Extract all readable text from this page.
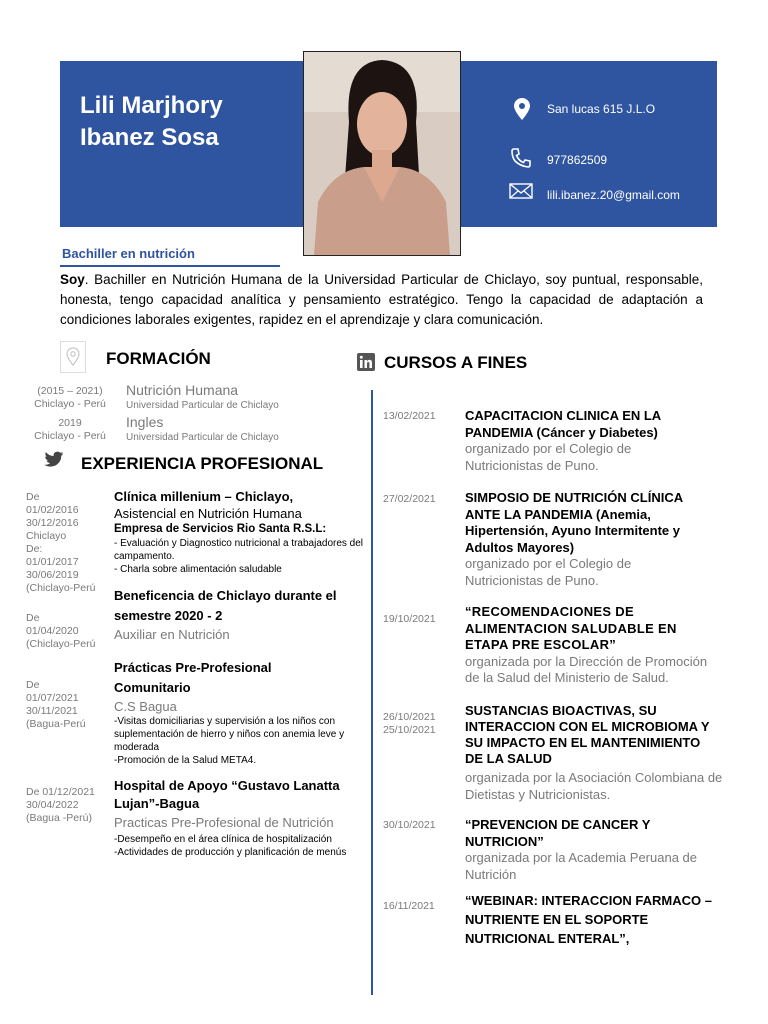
Lili Marjhory
Ibanez Sosa
San lucas 615 J.L.O
977862509
lili.ibanez.20@gmail.com
Bachiller en nutrición
Soy. Bachiller en Nutrición Humana de la Universidad Particular de Chiclayo, soy puntual, responsable, honesta, tengo capacidad analítica y pensamiento estratégico. Tengo la capacidad de adaptación a condiciones laborales exigentes, rapidez en el aprendizaje y clara comunicación.
FORMACIÓN
(2015 – 2021)
Chiclayo - Perú
Nutrición Humana
Universidad Particular de Chiclayo
2019
Chiclayo - Perú
Ingles
Universidad Particular de Chiclayo
EXPERIENCIA PROFESIONAL
De
01/02/2016
30/12/2016
Chiclayo
De:
01/01/2017
30/06/2019
(Chiclayo-Perú
Clínica millenium – Chiclayo,
Asistencial en Nutrición Humana
Empresa de Servicios Rio Santa R.S.L:
- Evaluación y Diagnostico nutricional a trabajadores del campamento.
- Charla sobre alimentación saludable
De
01/04/2020
(Chiclayo-Perú
Beneficencia de Chiclayo durante el semestre 2020 - 2
Auxiliar en Nutrición
De
01/07/2021
30/11/2021
(Bagua-Perú
Prácticas Pre-Profesional Comunitario
C.S Bagua
-Visitas domiciliarias y supervisión a los niños con suplementación de hierro y niños con anemia leve y moderada
-Promoción de la Salud META4.
De 01/12/2021
30/04/2022
(Bagua -Perú)
Hospital de Apoyo “Gustavo Lanatta Lujan”-Bagua
Practicas Pre-Profesional de Nutrición
-Desempeño en el área clínica de hospitalización
-Actividades de producción y planificación de menús
CURSOS A FINES
13/02/2021 CAPACITACION CLINICA EN LA PANDEMIA (Cáncer y Diabetes)
organizado por el Colegio de Nutricionistas de Puno.
27/02/2021 SIMPOSIO DE NUTRICIÓN CLÍNICA ANTE LA PANDEMIA (Anemia, Hipertensión, Ayuno Intermitente y Adultos Mayores)
organizado por el Colegio de Nutricionistas de Puno.
19/10/2021 “RECOMENDACIONES DE ALIMENTACION SALUDABLE EN ETAPA PRE ESCOLAR”
organizada por la Dirección de Promoción de la Salud del Ministerio de Salud.
26/10/2021
25/10/2021
SUSTANCIAS BIOACTIVAS, SU INTERACCION CON EL MICROBIOMA Y SU IMPACTO EN EL MANTENIMIENTO DE LA SALUD
organizada por la Asociación Colombiana de Dietistas y Nutricionistas.
30/10/2021 “PREVENCION DE CANCER Y NUTRICION”
organizada por la Academia Peruana de Nutrición
16/11/2021 “WEBINAR: INTERACCION FARMACO – NUTRIENTE EN EL SOPORTE NUTRICIONAL ENTERAL”,
